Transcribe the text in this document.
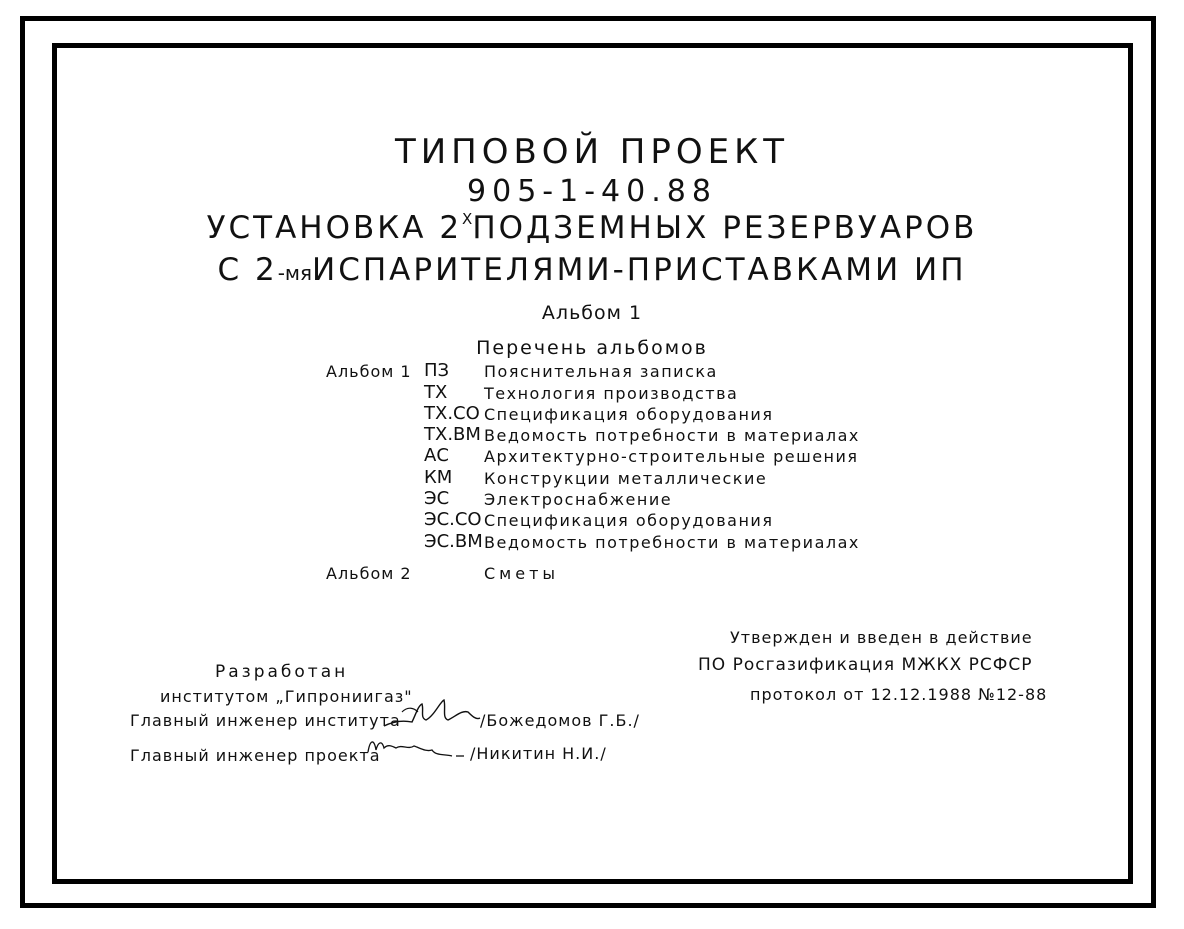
ТИПОВОЙ ПРОЕКТ
905-1-40.88
УСТАНОВКА $2^ХПОДЗЕМНЫХ$ РЕЗЕРВУАРОВ
С 2-мяИСПАРИТЕЛЯМИ-ПРИСТАВКАМИ ИП
Альбом 1
Перечень альбомов
Альбом 1 ПЗ Пояснительная записка
ТХ Технология производства
ТХ.СО Спецификация оборудования
ТХ.ВМ Ведомость потребности в материалах
АС Архитектурно-строительные решения
КМ Конструкции металлические
ЭС Электроснабжение
ЭС.СО Спецификация оборудования
ЭС.ВМ Ведомость потребности в материалах
Альбом 2	Сметы
Утвержден и введен в действие
ПО Росгазификация МЖКХ РСФСР
протокол от 12.12.1988 №12-88
Разработан
институтом „Гипрониигаз"
Главный инженер института	/Божедомов Г.Б./
Главный инженер проекта	/Никитин Н.И./
